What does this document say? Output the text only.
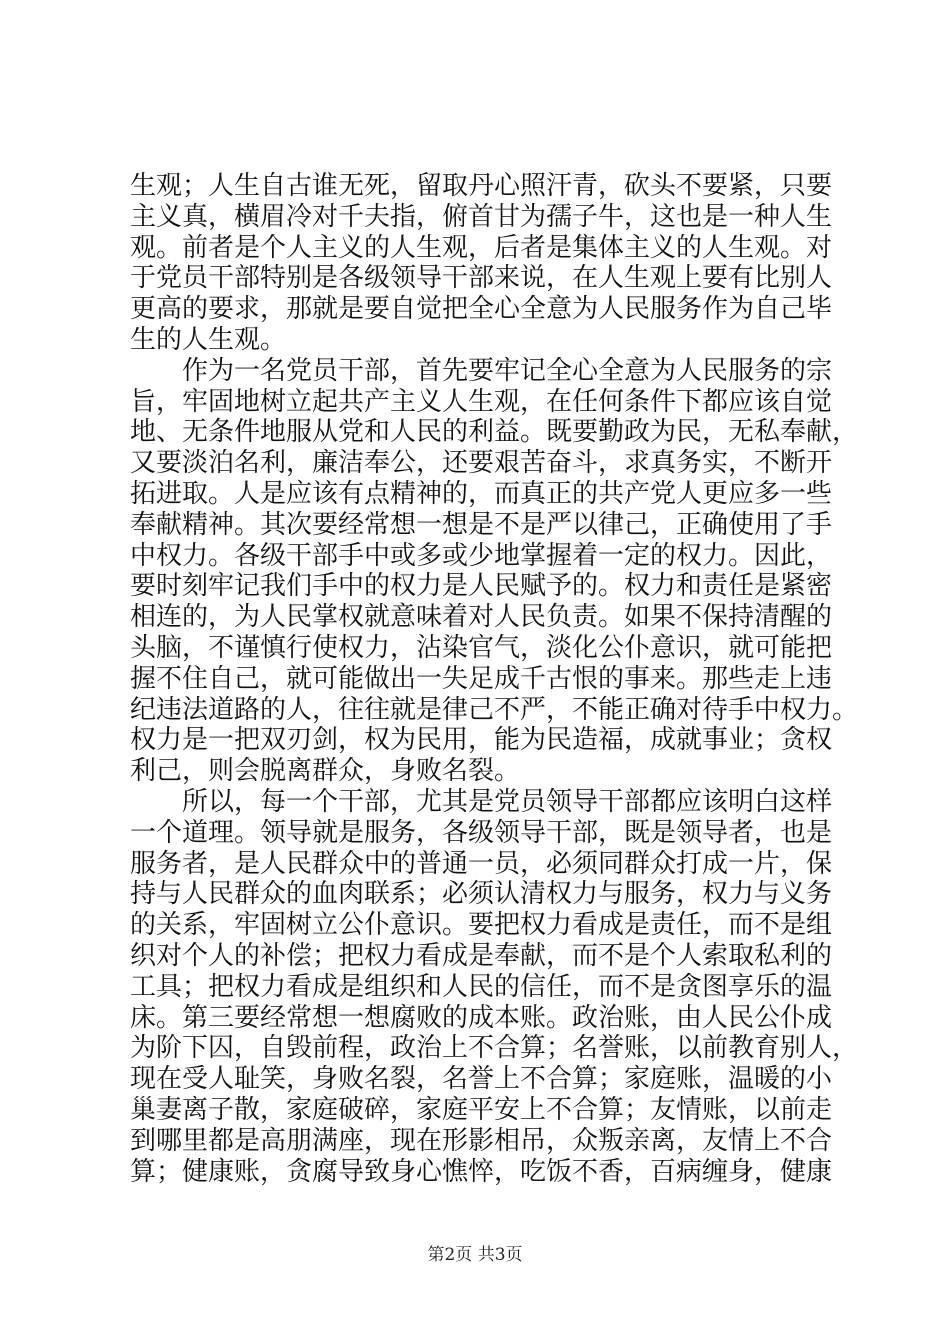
生观；人生自古谁无死，留取丹心照汗青，砍头不要紧，只要
主义真，横眉冷对千夫指，俯首甘为孺子牛，这也是一种人生
观。前者是个人主义的人生观，后者是集体主义的人生观。对
于党员干部特别是各级领导干部来说，在人生观上要有比别人
更高的要求，那就是要自觉把全心全意为人民服务作为自己毕
生的人生观。
　　作为一名党员干部，首先要牢记全心全意为人民服务的宗
旨，牢固地树立起共产主义人生观，在任何条件下都应该自觉
地、无条件地服从党和人民的利益。既要勤政为民，无私奉献，
又要淡泊名利，廉洁奉公，还要艰苦奋斗，求真务实，不断开
拓进取。人是应该有点精神的，而真正的共产党人更应多一些
奉献精神。其次要经常想一想是不是严以律己，正确使用了手
中权力。各级干部手中或多或少地掌握着一定的权力。因此，
要时刻牢记我们手中的权力是人民赋予的。权力和责任是紧密
相连的，为人民掌权就意味着对人民负责。如果不保持清醒的
头脑，不谨慎行使权力，沾染官气，淡化公仆意识，就可能把
握不住自己，就可能做出一失足成千古恨的事来。那些走上违
纪违法道路的人，往往就是律己不严，不能正确对待手中权力。
权力是一把双刃剑，权为民用，能为民造福，成就事业；贪权
利己，则会脱离群众，身败名裂。
　　所以，每一个干部，尤其是党员领导干部都应该明白这样
一个道理。领导就是服务，各级领导干部，既是领导者，也是
服务者，是人民群众中的普通一员，必须同群众打成一片，保
持与人民群众的血肉联系；必须认清权力与服务，权力与义务
的关系，牢固树立公仆意识。要把权力看成是责任，而不是组
织对个人的补偿；把权力看成是奉献，而不是个人索取私利的
工具；把权力看成是组织和人民的信任，而不是贪图享乐的温
床。第三要经常想一想腐败的成本账。政治账，由人民公仆成
为阶下囚，自毁前程，政治上不合算；名誉账，以前教育别人，
现在受人耻笑，身败名裂，名誉上不合算；家庭账，温暖的小
巢妻离子散，家庭破碎，家庭平安上不合算；友情账，以前走
到哪里都是高朋满座，现在形影相吊，众叛亲离，友情上不合
算；健康账，贪腐导致身心憔悴，吃饭不香，百病缠身，健康
第2页 共3页
